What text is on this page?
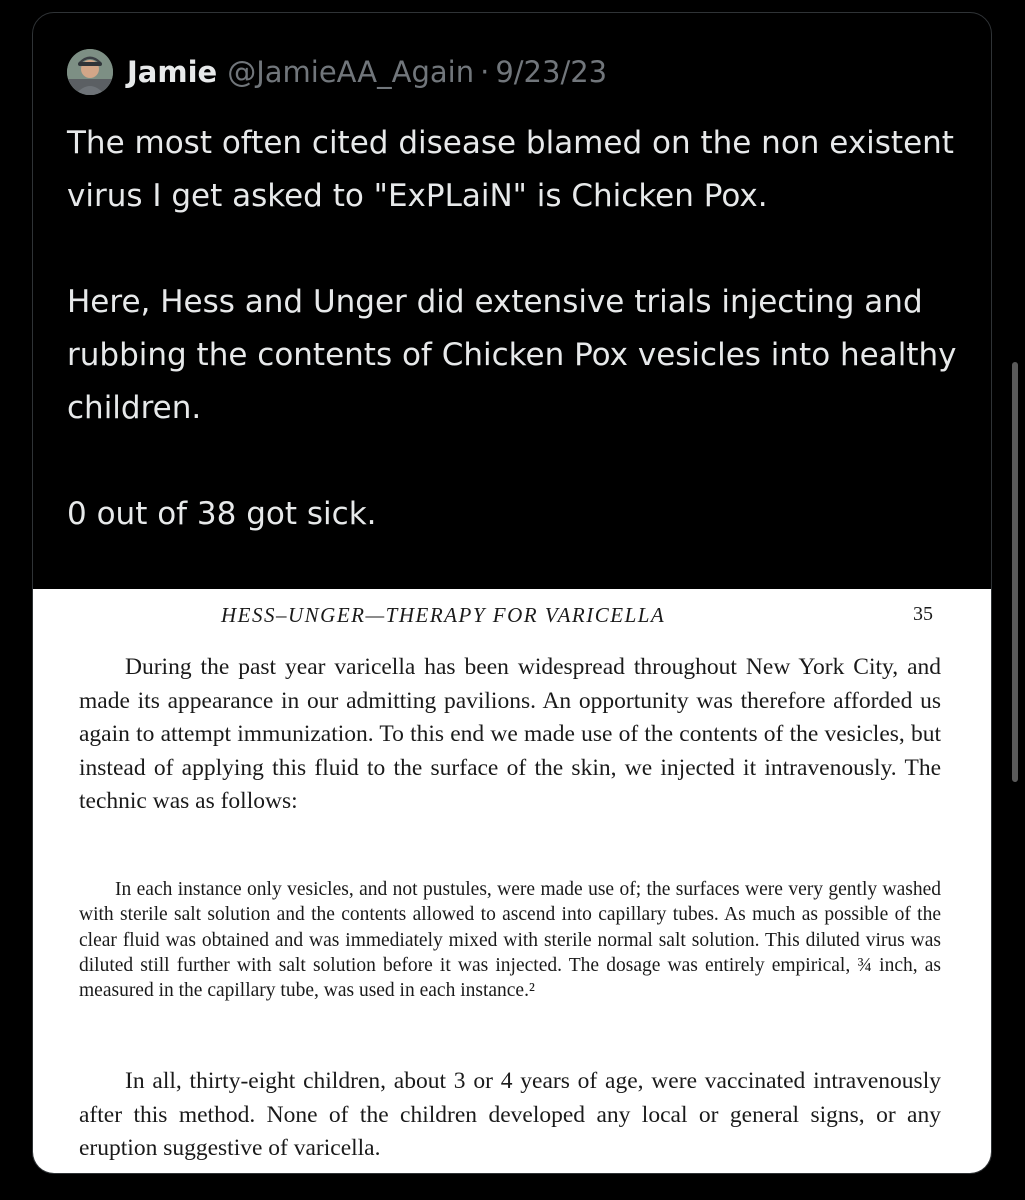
Jamie @JamieAA_Again · 9/23/23

The most often cited disease blamed on the non existent virus I get asked to "ExPLaiN" is Chicken Pox.

Here, Hess and Unger did extensive trials injecting and rubbing the contents of Chicken Pox vesicles into healthy children.

0 out of 38 got sick.

HESS–UNGER—THERAPY FOR VARICELLA	35

During the past year varicella has been widespread throughout New York City, and made its appearance in our admitting pavilions. An opportunity was therefore afforded us again to attempt immunization. To this end we made use of the contents of the vesicles, but instead of applying this fluid to the surface of the skin, we injected it intravenously. The technic was as follows:

In each instance only vesicles, and not pustules, were made use of; the surfaces were very gently washed with sterile salt solution and the contents allowed to ascend into capillary tubes. As much as possible of the clear fluid was obtained and was immediately mixed with sterile normal salt solution. This diluted virus was diluted still further with salt solution before it was injected. The dosage was entirely empirical, ¾ inch, as measured in the capillary tube, was used in each instance.²

In all, thirty-eight children, about 3 or 4 years of age, were vaccinated intravenously after this method. None of the children developed any local or general signs, or any eruption suggestive of varicella.
